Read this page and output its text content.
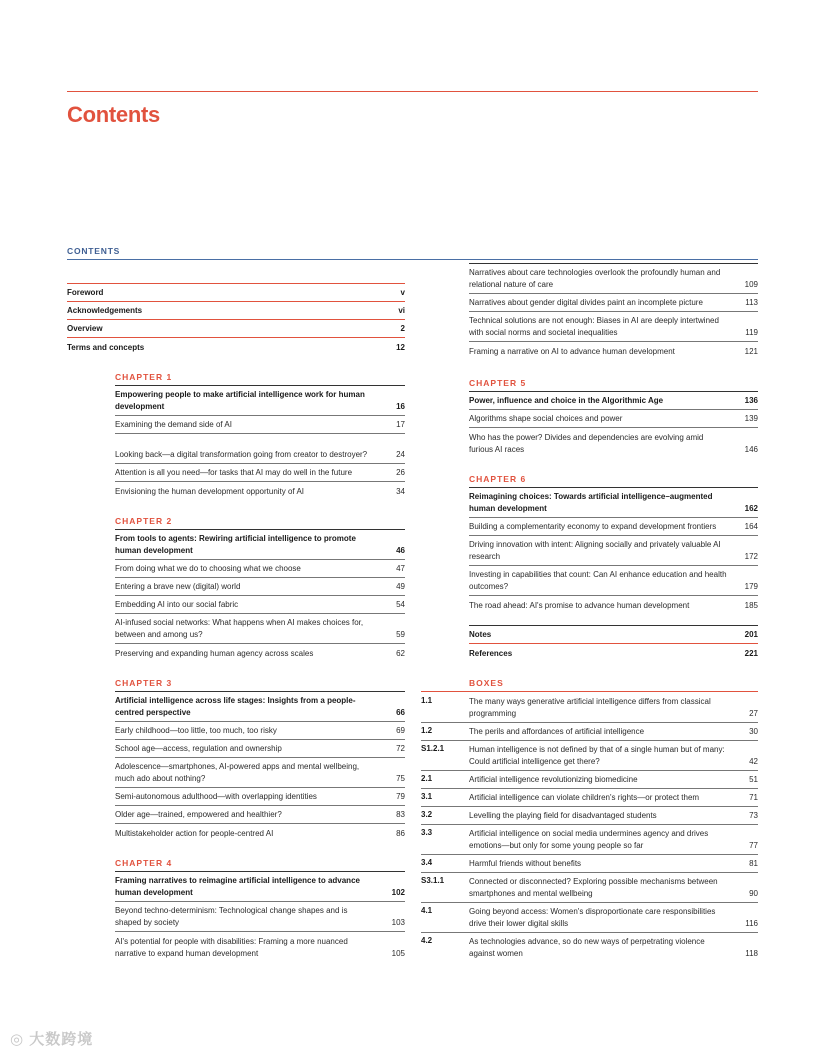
Contents
CONTENTS
Foreword	v
Acknowledgements	vi
Overview	2
Terms and concepts	12
CHAPTER 1
Empowering people to make artificial intelligence work for human development	16
Examining the demand side of AI	17
Looking back—a digital transformation going from creator to destroyer?	24
Attention is all you need—for tasks that AI may do well in the future	26
Envisioning the human development opportunity of AI	34
CHAPTER 2
From tools to agents: Rewiring artificial intelligence to promote human development	46
From doing what we do to choosing what we choose	47
Entering a brave new (digital) world	49
Embedding AI into our social fabric	54
AI-infused social networks: What happens when AI makes choices for, between and among us?	59
Preserving and expanding human agency across scales	62
CHAPTER 3
Artificial intelligence across life stages: Insights from a people-centred perspective	66
Early childhood—too little, too much, too risky	69
School age—access, regulation and ownership	72
Adolescence—smartphones, AI-powered apps and mental wellbeing, much ado about nothing?	75
Semi-autonomous adulthood—with overlapping identities	79
Older age—trained, empowered and healthier?	83
Multistakeholder action for people-centred AI	86
CHAPTER 4
Framing narratives to reimagine artificial intelligence to advance human development	102
Beyond techno-determinism: Technological change shapes and is shaped by society	103
AI's potential for people with disabilities: Framing a more nuanced narrative to expand human development	105
Narratives about care technologies overlook the profoundly human and relational nature of care	109
Narratives about gender digital divides paint an incomplete picture	113
Technical solutions are not enough: Biases in AI are deeply intertwined with social norms and societal inequalities	119
Framing a narrative on AI to advance human development	121
CHAPTER 5
Power, influence and choice in the Algorithmic Age	136
Algorithms shape social choices and power	139
Who has the power? Divides and dependencies are evolving amid furious AI races	146
CHAPTER 6
Reimagining choices: Towards artificial intelligence–augmented human development	162
Building a complementarity economy to expand development frontiers	164
Driving innovation with intent: Aligning socially and privately valuable AI research	172
Investing in capabilities that count: Can AI enhance education and health outcomes?	179
The road ahead: AI's promise to advance human development	185
Notes	201
References	221
BOXES
1.1	The many ways generative artificial intelligence differs from classical programming	27
1.2	The perils and affordances of artificial intelligence	30
S1.2.1	Human intelligence is not defined by that of a single human but of many: Could artificial intelligence get there?	42
2.1	Artificial intelligence revolutionizing biomedicine	51
3.1	Artificial intelligence can violate children's rights—or protect them	71
3.2	Levelling the playing field for disadvantaged students	73
3.3	Artificial intelligence on social media undermines agency and drives emotions—but only for some young people so far	77
3.4	Harmful friends without benefits	81
S3.1.1	Connected or disconnected? Exploring possible mechanisms between smartphones and mental wellbeing	90
4.1	Going beyond access: Women's disproportionate care responsibilities drive their lower digital skills	116
4.2	As technologies advance, so do new ways of perpetrating violence against women	118
◎ 大数跨境
